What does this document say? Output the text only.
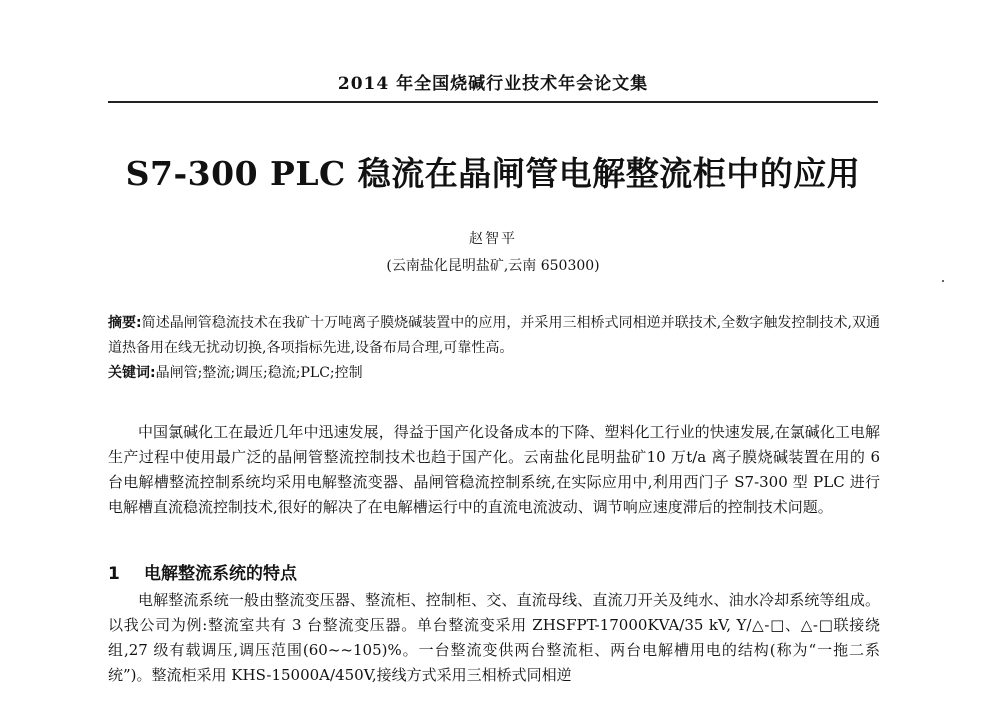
2014 年全国烧碱行业技术年会论文集
S7-300 PLC 稳流在晶闸管电解整流柜中的应用
赵智平
(云南盐化昆明盐矿,云南 650300)
摘要:简述晶闸管稳流技术在我矿十万吨离子膜烧碱装置中的应用，并采用三相桥式同相逆并联技术,全数字触发控制技术,双通道热备用在线无扰动切换,各项指标先进,设备布局合理,可靠性高。
关键词:晶闸管;整流;调压;稳流;PLC;控制
中国氯碱化工在最近几年中迅速发展，得益于国产化设备成本的下降、塑料化工行业的快速发展,在氯碱化工电解生产过程中使用最广泛的晶闸管整流控制技术也趋于国产化。云南盐化昆明盐矿10 万t/a 离子膜烧碱装置在用的 6 台电解槽整流控制系统均采用电解整流变器、晶闸管稳流控制系统,在实际应用中,利用西门子 S7-300 型 PLC 进行电解槽直流稳流控制技术,很好的解决了在电解槽运行中的直流电流波动、调节响应速度滞后的控制技术问题。
1 电解整流系统的特点
电解整流系统一般由整流变压器、整流柜、控制柜、交、直流母线、直流刀开关及纯水、油水冷却系统等组成。以我公司为例:整流室共有 3 台整流变压器。单台整流变采用 ZHSFPT-17000KVA/35 kV, Y/△-□、△-□联接绕组,27 级有载调压,调压范围(60~~105)%。一台整流变供两台整流柜、两台电解槽用电的结构(称为“一拖二系统”)。整流柜采用 KHS-15000A/450V,接线方式采用三相桥式同相逆
